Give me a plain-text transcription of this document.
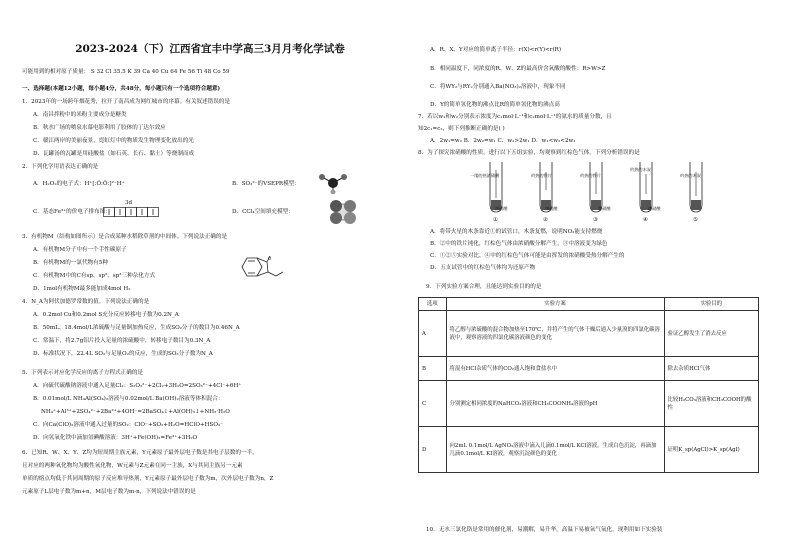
2023-2024（下）江西省宜丰中学高三3月月考化学试卷
可能用到的相对原子质量： S 32 Cl 35.5 K 39 Ca 40 Cu 64 Fe 56 Ti 48 Co 59
一、选择题(本题12小题，每小题4分，共48分，每小题只有一个选项符合题意)
1．2023年的一场跨年烟花秀，拉开了南昌成为网红城市的序幕。有关叙述错误的是
A．南昌拌粉中的米粉主要成分是糖类
B．秋水广场的喷泉水幕电影利用了胶体的丁达尔效应
C．赣江两岸的美丽夜景，霓虹灯中的物质发生物理变化放出的光
D．瓦罐汤的瓦罐是用硅酸盐（如石英、长石、黏土）等烧制而成
2．下列化学用语表达正确的是
A．H₂O₂的电子式：H⁺[:Ö:Ö:]²⁻H⁺	B．SO₃²⁻的VSEPR模型：
C．基态Fe³⁺的价电子排布图：	D．CCl₄空间填充模型：
3d
3．有机物M（结构如图所示）是合成某种水稻除草剂的中间体。下列说法正确的是
A．有机物M分子中有一个手性碳原子
B．有机物M的一氯代物有5种
C．有机物M中的C有sp、sp²、sp³三种杂化方式
D．1mol有机物M最多能加成4mol H₂
O
4．N_A为阿伏加德罗常数的值。下列说法正确的是
A．0.2mol Cu和0.2mol S充分反应转移电子数为0.2N_A
B．50mL、18.4mol/L浓硫酸与足量铜加热反应，生成SO₂分子的数目为0.46N_A
C．常温下，将2.7g铝片投入足量的浓硫酸中，转移电子数目为0.3N_A
D．标准状况下，22.4L SO₂与足量O₂的反应，生成的SO₃分子数为N_A
5．下列表示对应化学反应的离子方程式正确的是
A．向硫代硫酸钠溶液中通入足量Cl₂：S₂O₃²⁻+2Cl₂+3H₂O=2SO₃²⁻+4Cl⁻+6H⁺
B．0.01mol/L NH₄Al(SO₄)₂溶液与0.02mol/L Ba(OH)₂溶液等体积混合：
NH₄⁺+Al³⁺+2SO₄²⁻+2Ba²⁺+4OH⁻=2BaSO₄↓+Al(OH)₃↓+NH₃·H₂O
C．向Ca(ClO)₂溶液中通入过量的SO₂：ClO⁻+SO₂+H₂O=HClO+HSO₃⁻
D．向氢氧化铁中滴加氢碘酸溶液：3H⁺+Fe(OH)₃=Fe³⁺+3H₂O
6．已知R、W、X、Y、Z均为短周期主族元素，Y元素原子最外层电子数是其电子层数的一半，
且对应的两种氧化物均为酸性氧化物，W元素与Z元素在同一主族，X与其同主族另一元素
单质的熔点均低于其同周期的原子反应堆导热剂，Y元素原子最外层电子数为m，次外层电子数为n，Z
元素原子L层电子数为m+n，M层电子数为m-n，下列说法中错误的是
A．R、X、Y对应的简单离子半径：r(X)<r(Y)<r(R)
B．相同温度下，同浓度的R、W、Z的最高价含氧酸的酸性：R>W>Z
C．将WY₂与RY₂分别通入Ba(NO₃)₂溶液中，现象不同
D．Y的简单氢化物的沸点比R的简单氢化物的沸点高
7．若以w₁和w₂分别表示浓度为c₁mol·L⁻¹和c₂mol·L⁻¹的氨水的质量分数，且
知2c₁=c₂，则下列推断正确的是( )
A．2w₁=w₂ B．2w₂=w₁ C．w₂>2w₁ D．w₁<w₂<2w₁
8．为了探究浓硝酸的性质，进行以下五组实验，均观察到红棕色气体。下列分析错误的是
一缕的热浓硝酸	灼热的铁片
浓硝酸
灼热的铁片
浓硝酸
灼热的木炭
浓硝酸
灼热的木炭
浓硝酸
①	②	③	④	⑤
A．将带火星的木条靠近①的试管口，木条复燃，说明NO₂能支持燃烧
B．②中的铁片钝化，红棕色气体由浓硝酸分解产生，③中溶液变为绿色
C．①②⑤实验对比，④中的红棕色气体可能是由挥发的浓硝酸受热分解产生的
D．五支试管中的红棕色气体均为还原产物
9．下列实验方案合理，且能达到实验目的的是
选项	实验方案	实验目的
A	将乙醇与浓硫酸的混合物加热至170℃，并将产生的气体干燥后通入少量溴的四氯化碳溶液中，观察溶液的四氯化碳溶液颜色的变化	验证乙醇发生了消去反应
B	将混有HCl杂质气体的CO₂通入饱和食盐水中	除去杂质HCl气体
C	分别测定相同浓度的NaHCO₃溶液和CH₃COONH₄溶液的pH	比较H₂CO₃溶液和CH₃COOH的酸性
D	向2mL 0.1mol/L AgNO₃溶液中滴入几滴0.1mol/L KCl溶液，生成白色沉淀，再滴加几滴0.1mol/L KI溶液，观察沉淀颜色的变化	证明K_sp(AgCl)>K_sp(AgI)
10．无水三氯化铬是常用的催化剂，易潮解，易升华，高温下易被氧气氧化。现利用如下实验装
